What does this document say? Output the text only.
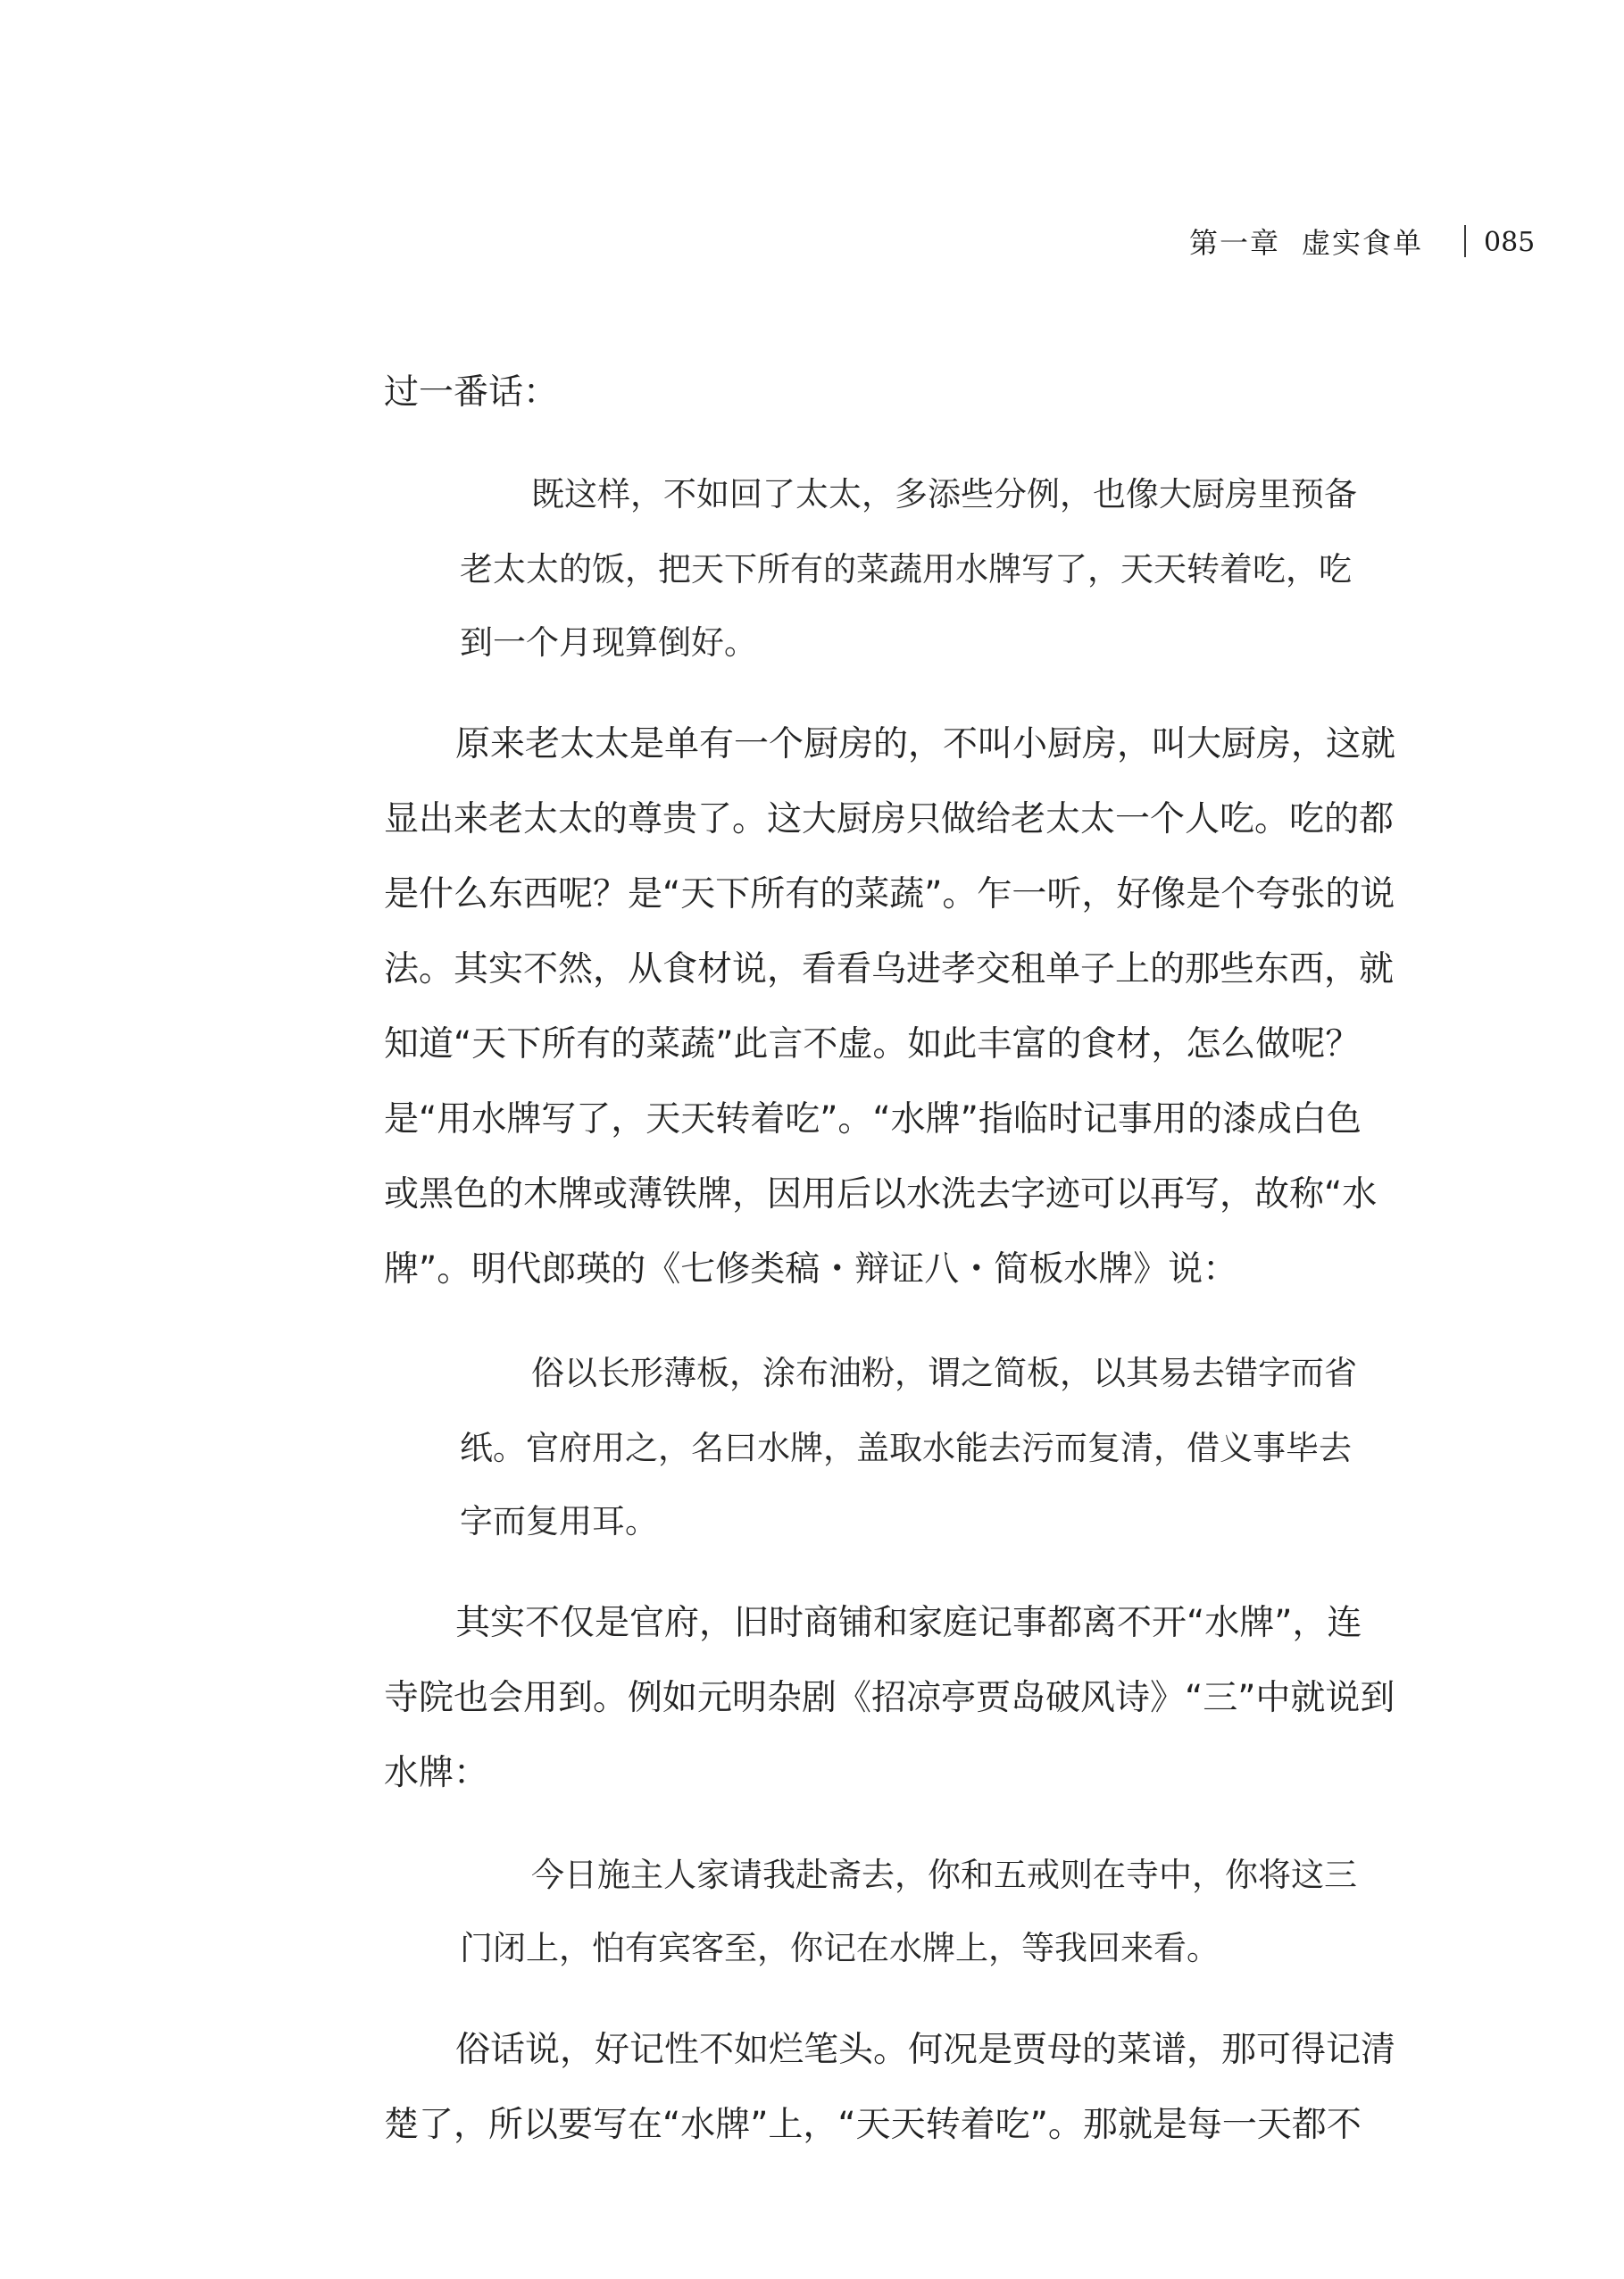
第一章 虚实食单 085
过一番话：
既这样，不如回了太太，多添些分例，也像大厨房里预备
老太太的饭，把天下所有的菜蔬用水牌写了，天天转着吃，吃
到一个月现算倒好。
原来老太太是单有一个厨房的，不叫小厨房，叫大厨房，这就
显出来老太太的尊贵了。这大厨房只做给老太太一个人吃。吃的都
是什么东西呢？是“天下所有的菜蔬”。乍一听，好像是个夸张的说
法。其实不然，从食材说，看看乌进孝交租单子上的那些东西，就
知道“天下所有的菜蔬”此言不虚。如此丰富的食材，怎么做呢？
是“用水牌写了，天天转着吃”。“水牌”指临时记事用的漆成白色
或黑色的木牌或薄铁牌，因用后以水洗去字迹可以再写，故称“水
牌”。明代郎瑛的《七修类稿・辩证八・简板水牌》说：
俗以长形薄板，涂布油粉，谓之简板，以其易去错字而省
纸。官府用之，名曰水牌，盖取水能去污而复清，借义事毕去
字而复用耳。
其实不仅是官府，旧时商铺和家庭记事都离不开“水牌”，连
寺院也会用到。例如元明杂剧《招凉亭贾岛破风诗》“三”中就说到
水牌：
今日施主人家请我赴斋去，你和五戒则在寺中，你将这三
门闭上，怕有宾客至，你记在水牌上，等我回来看。
俗话说，好记性不如烂笔头。何况是贾母的菜谱，那可得记清
楚了，所以要写在“水牌”上，“天天转着吃”。那就是每一天都不
